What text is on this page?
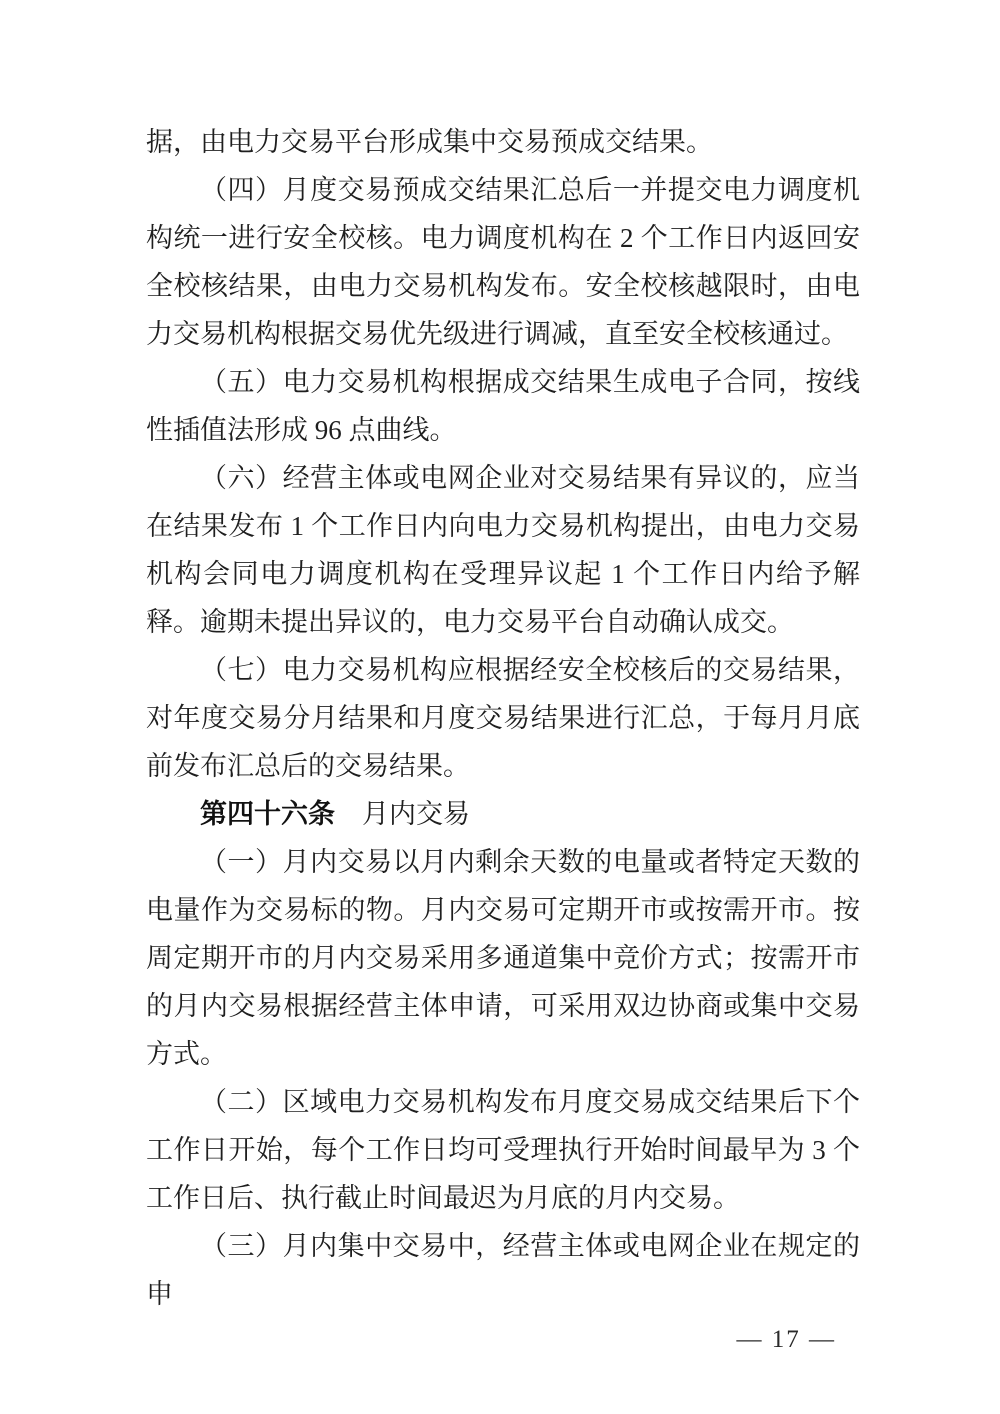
据，由电力交易平台形成集中交易预成交结果。

（四）月度交易预成交结果汇总后一并提交电力调度机构统一进行安全校核。电力调度机构在 2 个工作日内返回安全校核结果，由电力交易机构发布。安全校核越限时，由电力交易机构根据交易优先级进行调减，直至安全校核通过。

（五）电力交易机构根据成交结果生成电子合同，按线性插值法形成 96 点曲线。

（六）经营主体或电网企业对交易结果有异议的，应当在结果发布 1 个工作日内向电力交易机构提出，由电力交易机构会同电力调度机构在受理异议起 1 个工作日内给予解释。逾期未提出异议的，电力交易平台自动确认成交。

（七）电力交易机构应根据经安全校核后的交易结果，对年度交易分月结果和月度交易结果进行汇总，于每月月底前发布汇总后的交易结果。

第四十六条 月内交易

（一）月内交易以月内剩余天数的电量或者特定天数的电量作为交易标的物。月内交易可定期开市或按需开市。按周定期开市的月内交易采用多通道集中竞价方式；按需开市的月内交易根据经营主体申请，可采用双边协商或集中交易方式。

（二）区域电力交易机构发布月度交易成交结果后下个工作日开始，每个工作日均可受理执行开始时间最早为 3 个工作日后、执行截止时间最迟为月底的月内交易。

（三）月内集中交易中，经营主体或电网企业在规定的申

— 17 —
